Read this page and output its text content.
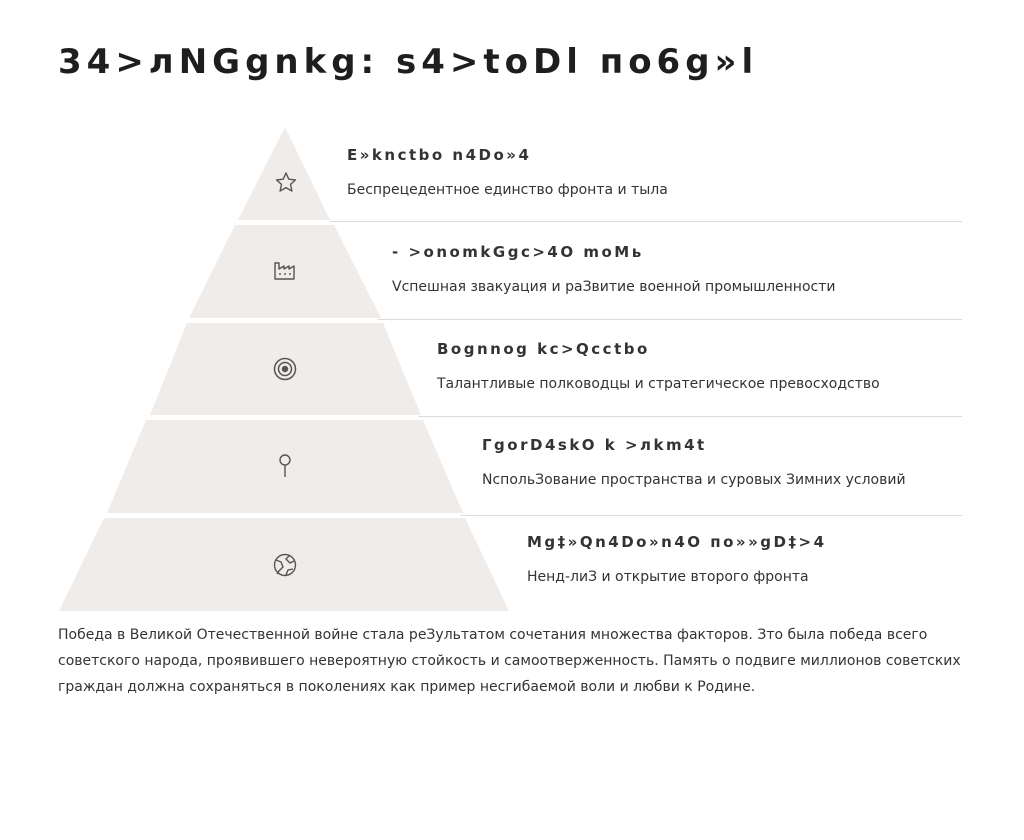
34>лNGgnkg: s4>toDl по6g»l
E»knctbo n4Do»4
Беспрецедентное единство фронта и тыла
- >onomkGgc>4O moMь
Vспешная звакуация и раЗвитие военной промышленности
Bognnog kc>Qcctbo
Талантливые полководцы и стратегическое превосходство
ГgorD4skO k >лkm4t
NспольЗование пространства и суровых Зимних условий
Mg‡»Qn4Do»n4O по»»gD‡>4
Ненд-лиЗ и открытие второго фронта

Победа в Великой Отечественной войне стала реЗультатом сочетания множества факторов. Зто была победа всего советского народа, проявившего невероятную стойкость и самоотверженность. Память о подвиге миллионов советских граждан должна сохраняться в поколениях как пример несгибаемой воли и любви к Родине.
